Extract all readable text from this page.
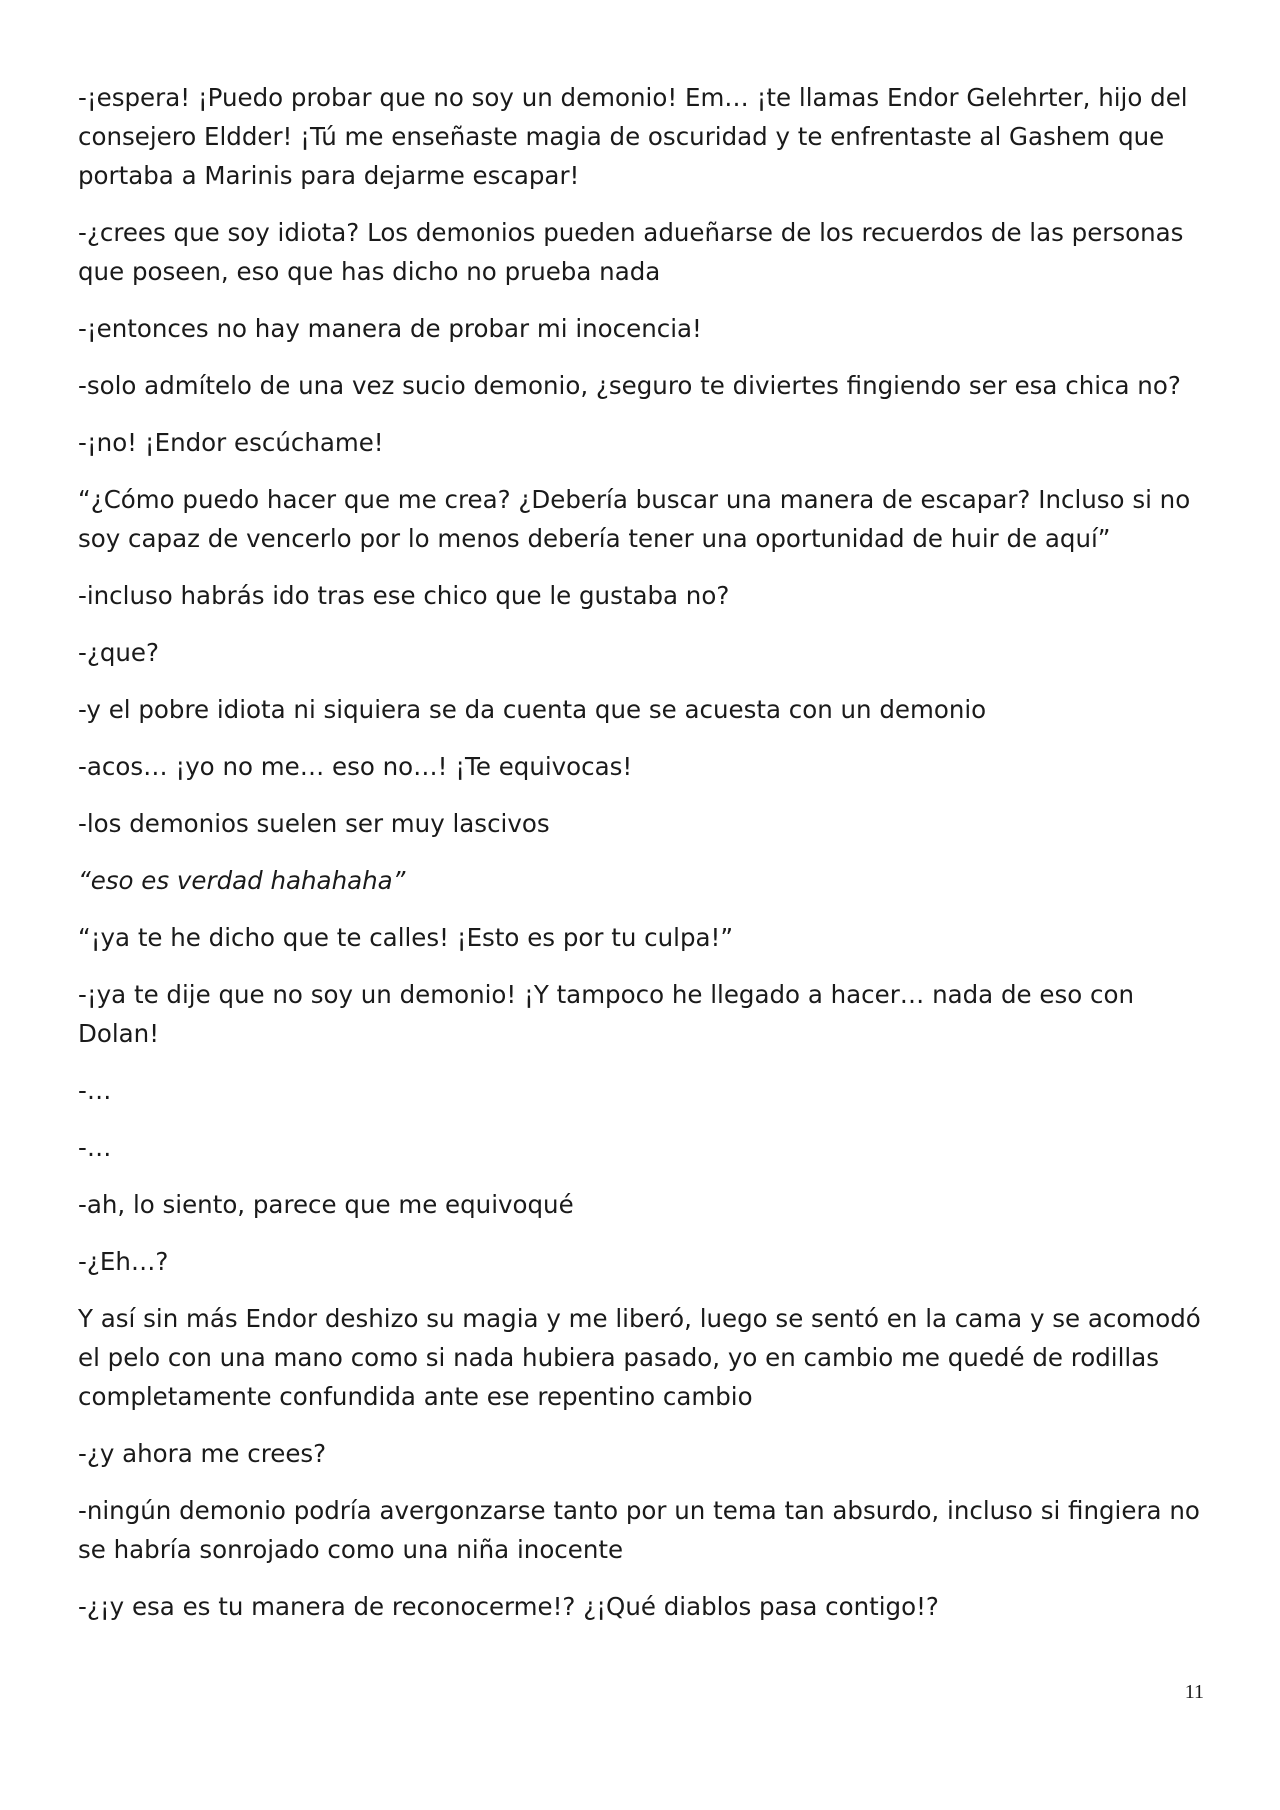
-¡espera! ¡Puedo probar que no soy un demonio! Em… ¡te llamas Endor Gelehrter, hijo del consejero Eldder! ¡Tú me enseñaste magia de oscuridad y te enfrentaste al Gashem que portaba a Marinis para dejarme escapar!

-¿crees que soy idiota? Los demonios pueden adueñarse de los recuerdos de las personas que poseen, eso que has dicho no prueba nada

-¡entonces no hay manera de probar mi inocencia!

-solo admítelo de una vez sucio demonio, ¿seguro te diviertes fingiendo ser esa chica no?

-¡no! ¡Endor escúchame!

“¿Cómo puedo hacer que me crea? ¿Debería buscar una manera de escapar? Incluso si no soy capaz de vencerlo por lo menos debería tener una oportunidad de huir de aquí”

-incluso habrás ido tras ese chico que le gustaba no?

-¿que?

-y el pobre idiota ni siquiera se da cuenta que se acuesta con un demonio

-acos… ¡yo no me… eso no…! ¡Te equivocas!

-los demonios suelen ser muy lascivos

“eso es verdad hahahaha”

“¡ya te he dicho que te calles! ¡Esto es por tu culpa!”

-¡ya te dije que no soy un demonio! ¡Y tampoco he llegado a hacer… nada de eso con Dolan!

-…

-…

-ah, lo siento, parece que me equivoqué

-¿Eh…?

Y así sin más Endor deshizo su magia y me liberó, luego se sentó en la cama y se acomodó el pelo con una mano como si nada hubiera pasado, yo en cambio me quedé de rodillas completamente confundida ante ese repentino cambio

-¿y ahora me crees?

-ningún demonio podría avergonzarse tanto por un tema tan absurdo, incluso si fingiera no se habría sonrojado como una niña inocente

-¿¡y esa es tu manera de reconocerme!? ¿¡Qué diablos pasa contigo!?

11
